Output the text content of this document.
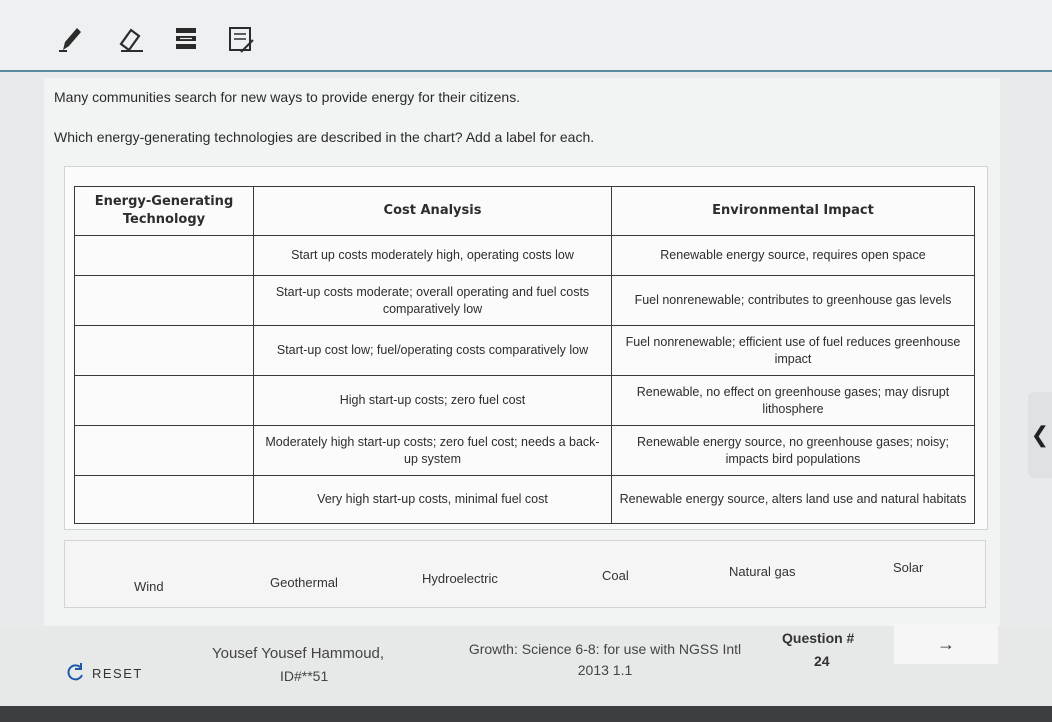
Many communities search for new ways to provide energy for their citizens.
Which energy-generating technologies are described in the chart? Add a label for each.
Energy-Generating Technology	Cost Analysis	Environmental Impact
	Start up costs moderately high, operating costs low	Renewable energy source, requires open space
	Start-up costs moderate; overall operating and fuel costs comparatively low	Fuel nonrenewable; contributes to greenhouse gas levels
	Start-up cost low; fuel/operating costs comparatively low	Fuel nonrenewable; efficient use of fuel reduces greenhouse impact
	High start-up costs; zero fuel cost	Renewable, no effect on greenhouse gases; may disrupt lithosphere
	Moderately high start-up costs; zero fuel cost; needs a back-up system	Renewable energy source, no greenhouse gases; noisy; impacts bird populations
	Very high start-up costs, minimal fuel cost	Renewable energy source, alters land use and natural habitats
Wind	Geothermal	Hydroelectric	Coal	Natural gas	Solar
❮
RESET
Yousef Yousef Hammoud,
ID#**51
Growth: Science 6-8: for use with NGSS Intl
2013 1.1
Question #
24
→
